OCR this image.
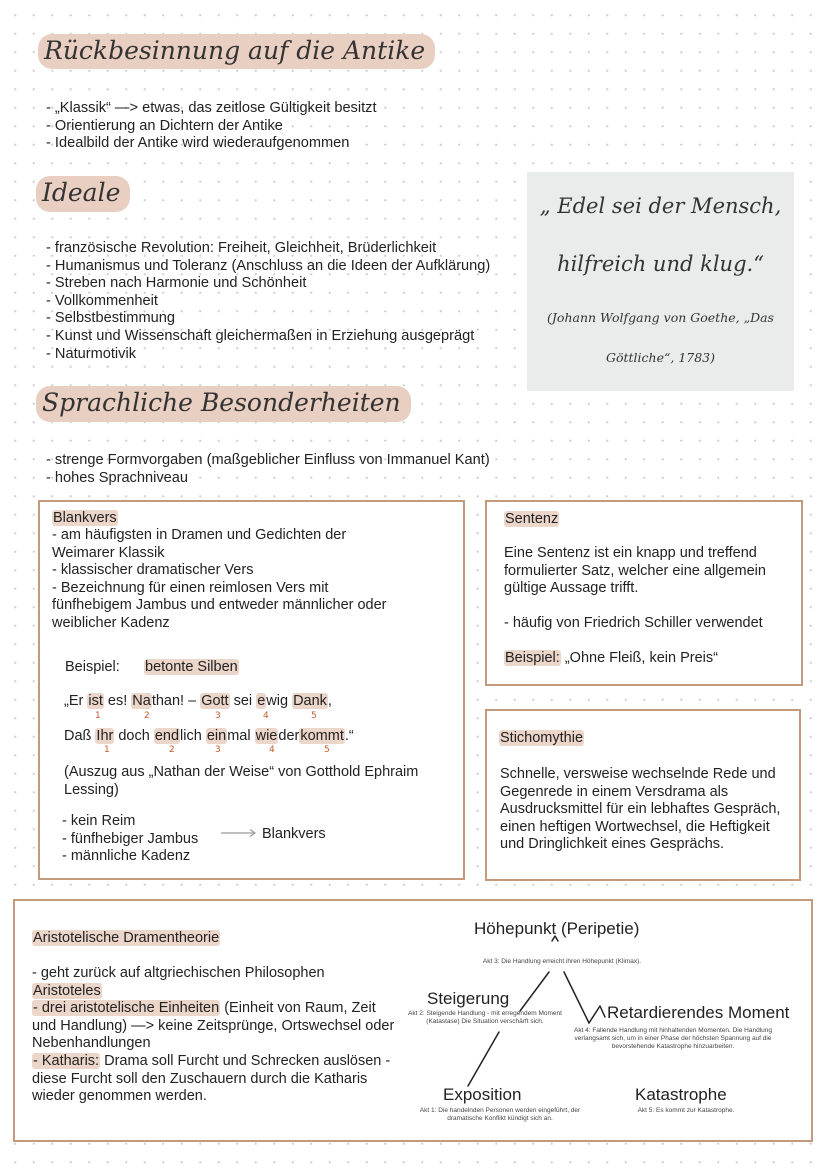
Rückbesinnung auf die Antike
- „Klassik“ —> etwas, das zeitlose Gültigkeit besitzt
- Orientierung an Dichtern der Antike
- Idealbild der Antike wird wiederaufgenommen
Ideale
- französische Revolution: Freiheit, Gleichheit, Brüderlichkeit
- Humanismus und Toleranz (Anschluss an die Ideen der Aufklärung)
- Streben nach Harmonie und Schönheit
- Vollkommenheit
- Selbstbestimmung
- Kunst und Wissenschaft gleichermaßen in Erziehung ausgeprägt
- Naturmotivik
„ Edel sei der Mensch,
hilfreich und klug.“
(Johann Wolfgang von Goethe, „Das
Göttliche“, 1783)
Sprachliche Besonderheiten
- strenge Formvorgaben (maßgeblicher Einfluss von Immanuel Kant)
- hohes Sprachniveau
Blankvers
- am häufigsten in Dramen und Gedichten der
Weimarer Klassik
- klassischer dramatischer Vers
- Bezeichnung für einen reimlosen Vers mit
fünfhebigem Jambus und entweder männlicher oder
weiblicher Kadenz
Beispiel: betonte Silben
„Er ist es! Nathan! – Gott sei ewig Dank,
1	2	3	4	5
Daß Ihr doch endlich einmal wiederkommt.“
1	2	3	4	5
(Auszug aus „Nathan der Weise“ von Gotthold Ephraim Lessing)
- kein Reim
- fünfhebiger Jambus
- männliche Kadenz
Blankvers
Sentenz
Eine Sentenz ist ein knapp und treffend formulierter Satz, welcher eine allgemein gültige Aussage trifft.
- häufig von Friedrich Schiller verwendet
Beispiel: „Ohne Fleiß, kein Preis“
Stichomythie
Schnelle, versweise wechselnde Rede und Gegenrede in einem Versdrama als Ausdrucksmittel für ein lebhaftes Gespräch, einen heftigen Wortwechsel, die Heftigkeit und Dringlichkeit eines Gesprächs.
Aristotelische Dramentheorie
- geht zurück auf altgriechischen Philosophen
Aristoteles
- drei aristotelische Einheiten (Einheit von Raum, Zeit und Handlung) —> keine Zeitsprünge, Ortswechsel oder Nebenhandlungen
- Katharis: Drama soll Furcht und Schrecken auslösen - diese Furcht soll den Zuschauern durch die Katharis wieder genommen werden.
Höhepunkt (Peripetie)
Akt 3: Die Handlung erreicht ihren Höhepunkt (Klimax).
Steigerung
Akt 2: Steigende Handlung - mit erregendem Moment (Katastase) Die Situation verschärft sich.	Retardierendes Moment
Akt 4: Fallende Handlung mit hinhaltenden Momenten. Die Handlung verlangsamt sich, um in einer Phase der höchsten Spannung auf die bevorstehende Katastrophe hinzuarbeiten.
Exposition
Akt 1: Die handelnden Personen werden eingeführt, der dramatische Konflikt kündigt sich an.
Katastrophe
Akt 5: Es kommt zur Katastrophe.
